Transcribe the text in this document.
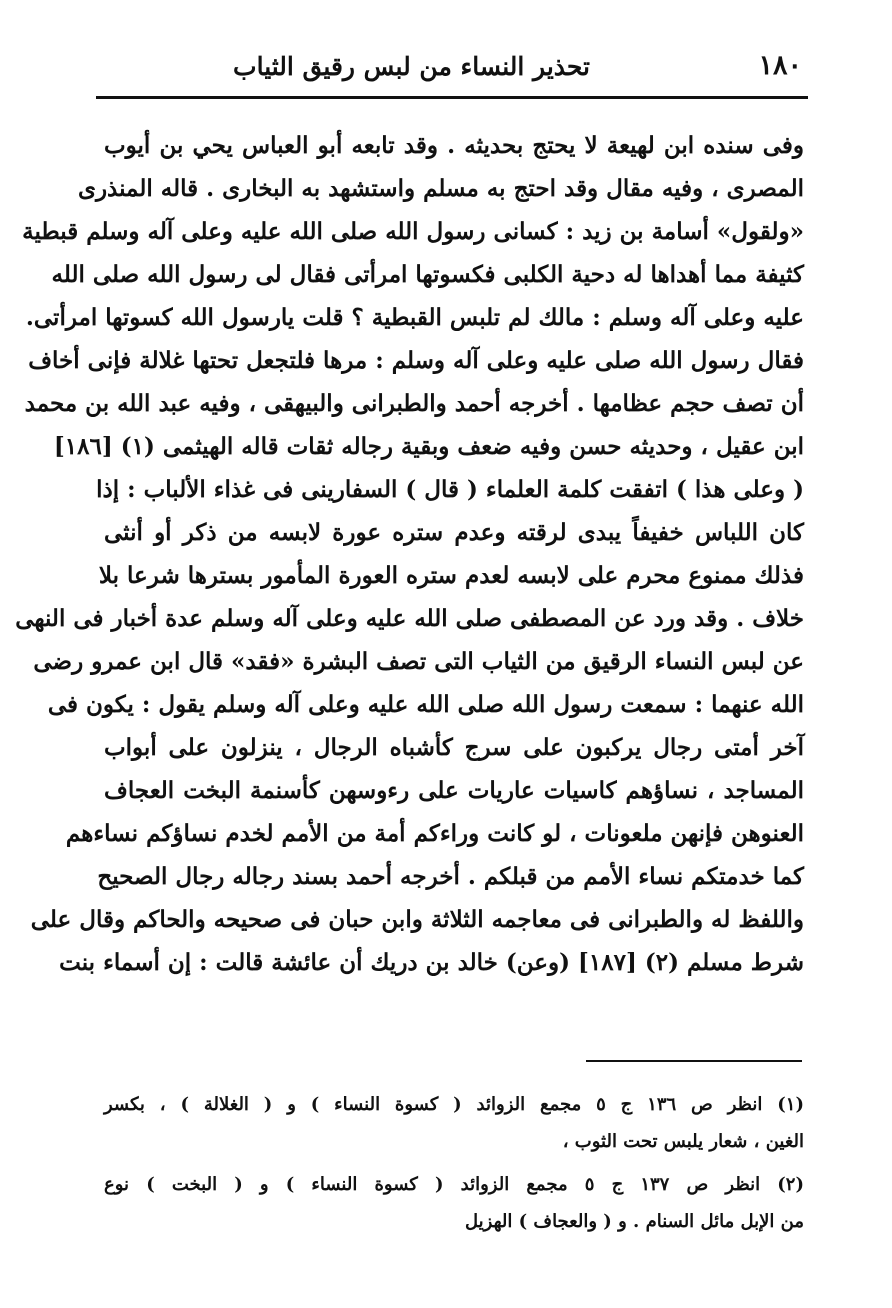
١٨٠
تحذير النساء من لبس رقيق الثياب
وفى سنده ابن لهيعة لا يحتج بحديثه . وقد تابعه أبو العباس يحي بن أيوب
المصرى ، وفيه مقال وقد احتج به مسلم واستشهد به البخارى . قاله المنذرى
«ولقول» أسامة بن زيد : كسانى رسول الله صلى الله عليه وعلى آله وسلم قبطية
كثيفة مما أهداها له دحية الكلبى فكسوتها امرأتى فقال لى رسول الله صلى الله
عليه وعلى آله وسلم : مالك لم تلبس القبطية ؟ قلت يارسول الله كسوتها امرأتى.
فقال رسول الله صلى عليه وعلى آله وسلم : مرها فلتجعل تحتها غلالة فإنى أخاف
أن تصف حجم عظامها . أخرجه أحمد والطبرانى والبيهقى ، وفيه عبد الله بن محمد
ابن عقيل ، وحديثه حسن وفيه ضعف وبقية رجاله ثقات قاله الهيثمى (١) [١٨٦]
( وعلى هذا ) اتفقت كلمة العلماء ( قال ) السفارينى فى غذاء الألباب : إذا
كان اللباس خفيفاً يبدى لرقته وعدم ستره عورة لابسه من ذكر أو أنثى
فذلك ممنوع محرم على لابسه لعدم ستره العورة المأمور بسترها شرعا بلا
خلاف . وقد ورد عن المصطفى صلى الله عليه وعلى آله وسلم عدة أخبار فى النهى
عن لبس النساء الرقيق من الثياب التى تصف البشرة «فقد» قال ابن عمرو رضى
الله عنهما : سمعت رسول الله صلى الله عليه وعلى آله وسلم يقول : يكون فى
آخر أمتى رجال يركبون على سرج كأشباه الرجال ، ينزلون على أبواب
المساجد ، نساؤهم كاسيات عاريات على رءوسهن كأسنمة البخت العجاف
العنوهن فإنهن ملعونات ، لو كانت وراءكم أمة من الأمم لخدم نساؤكم نساءهم
كما خدمتكم نساء الأمم من قبلكم . أخرجه أحمد بسند رجاله رجال الصحيح
واللفظ له والطبرانى فى معاجمه الثلاثة وابن حبان فى صحيحه والحاكم وقال على
شرط مسلم (٢) [١٨٧] (وعن) خالد بن دريك أن عائشة قالت : إن أسماء بنت
(١) انظر ص ١٣٦ ج ٥ مجمع الزوائد ( كسوة النساء ) و ( الغلالة ) ، بكسر
الغين ، شعار يلبس تحت الثوب ،
(٢) انظر ص ١٣٧ ج ٥ مجمع الزوائد ( كسوة النساء ) و ( البخت ) نوع
من الإبل مائل السنام . و ( والعجاف ) الهزيل
